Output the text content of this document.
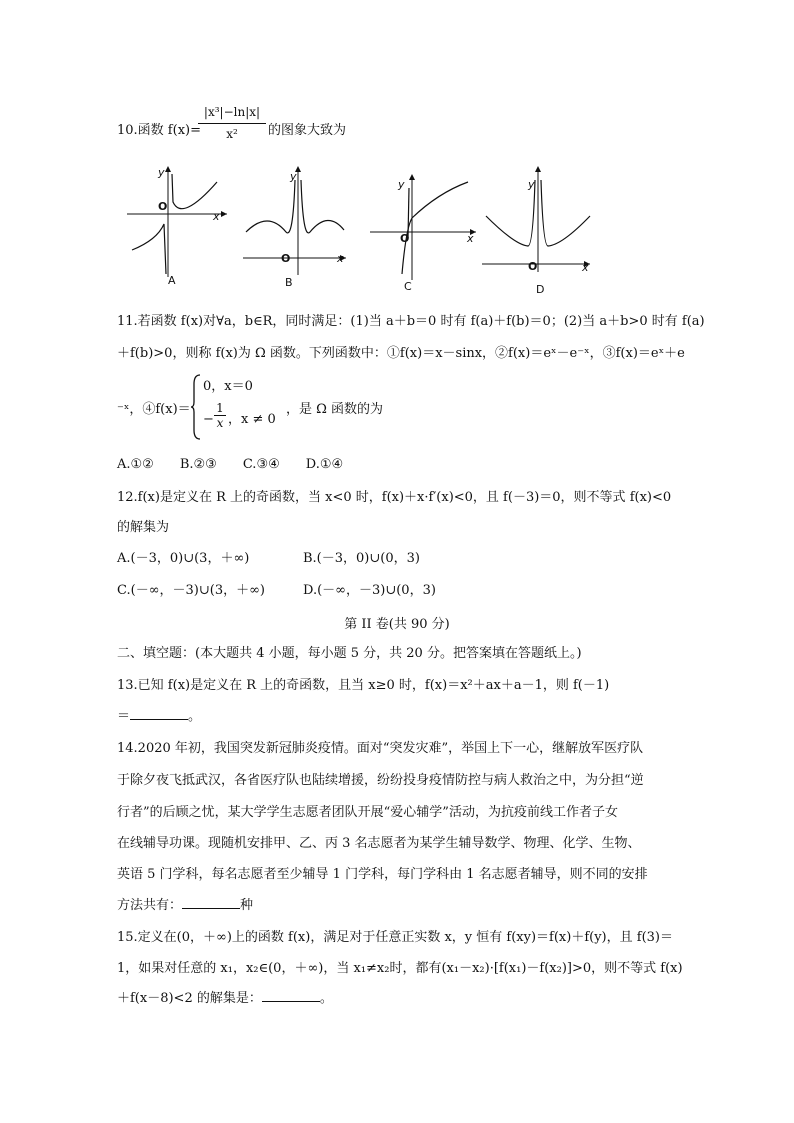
10.函数 f(x)=
|x³|−ln|x|
x²	的图象大致为
y
O
x
A
y
O	x
B
y
O	x
C
y
O	x
D
11.若函数 f(x)对∀a，b∈R，同时满足：(1)当 a＋b＝0 时有 f(a)＋f(b)＝0；(2)当 a＋b>0 时有 f(a)
＋f(b)>0，则称 f(x)为 Ω 函数。下列函数中：①f(x)＝x－sinx，②f(x)＝eˣ－e⁻ˣ，③f(x)＝eˣ＋e
⁻ˣ，④f(x)＝
0，x＝0
−
1
x ，x ≠ 0
，是 Ω 函数的为
A.①②　　B.②③　　C.③④　　D.①④
12.f(x)是定义在 R 上的奇函数，当 x<0 时，f(x)＋x·f′(x)<0，且 f(－3)＝0，则不等式 f(x)<0
的解集为
A.(－3，0)∪(3，＋∞)	B.(－3，0)∪(0，3)
C.(－∞，－3)∪(3，＋∞)	D.(－∞，－3)∪(0，3)
第 II 卷(共 90 分)
二、填空题：(本大题共 4 小题，每小题 5 分，共 20 分。把答案填在答题纸上。)
13.已知 f(x)是定义在 R 上的奇函数，且当 x≥0 时，f(x)＝x²＋ax＋a－1，则 f(－1)
＝	。
14.2020 年初，我国突发新冠肺炎疫情。面对“突发灾难”，举国上下一心，继解放军医疗队
于除夕夜飞抵武汉，各省医疗队也陆续增援，纷纷投身疫情防控与病人救治之中，为分担“逆
行者”的后顾之忧，某大学学生志愿者团队开展“爱心辅学”活动，为抗疫前线工作者子女
在线辅导功课。现随机安排甲、乙、丙 3 名志愿者为某学生辅导数学、物理、化学、生物、
英语 5 门学科，每名志愿者至少辅导 1 门学科，每门学科由 1 名志愿者辅导，则不同的安排
方法共有：	种
15.定义在(0，＋∞)上的函数 f(x)，满足对于任意正实数 x，y 恒有 f(xy)＝f(x)＋f(y)，且 f(3)＝
1，如果对任意的 x₁，x₂∈(0，＋∞)，当 x₁≠x₂时，都有(x₁－x₂)·[f(x₁)－f(x₂)]>0，则不等式 f(x)
＋f(x－8)<2 的解集是：	。
